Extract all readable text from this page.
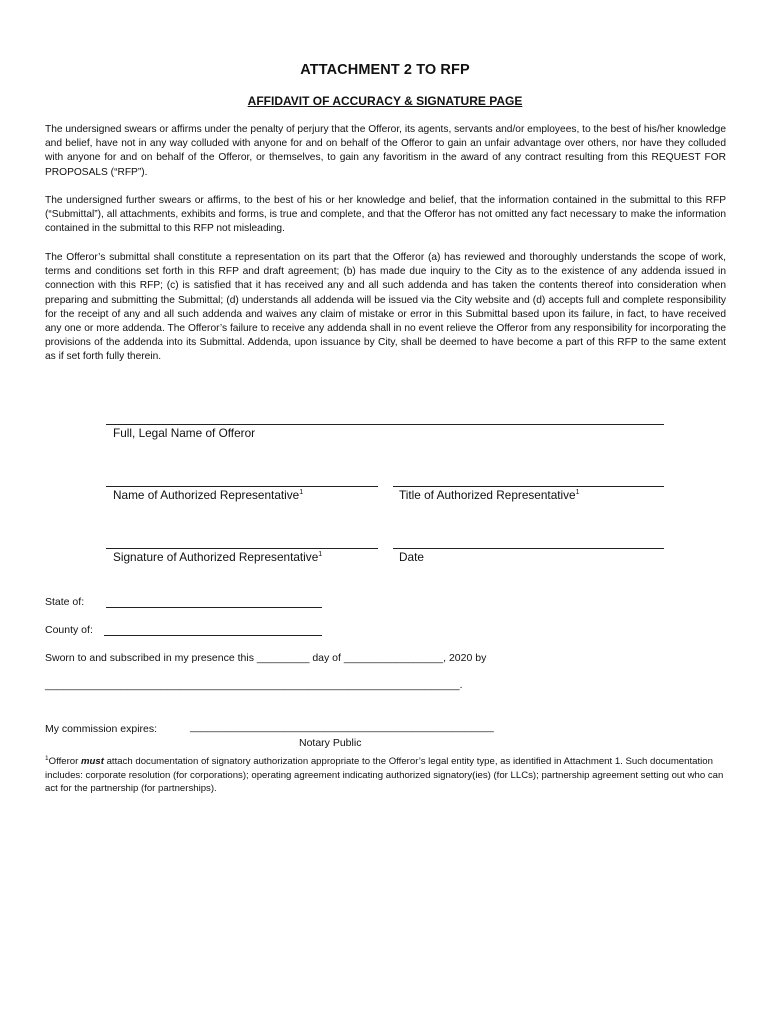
ATTACHMENT 2 TO RFP
AFFIDAVIT OF ACCURACY & SIGNATURE PAGE

The undersigned swears or affirms under the penalty of perjury that the Offeror, its agents, servants and/or employees, to the best of his/her knowledge and belief, have not in any way colluded with anyone for and on behalf of the Offeror to gain an unfair advantage over others, nor have they colluded with anyone for and on behalf of the Offeror, or themselves, to gain any favoritism in the award of any contract resulting from this REQUEST FOR PROPOSALS (“RFP”).

The undersigned further swears or affirms, to the best of his or her knowledge and belief, that the information contained in the submittal to this RFP (“Submittal”), all attachments, exhibits and forms, is true and complete, and that the Offeror has not omitted any fact necessary to make the information contained in the submittal to this RFP not misleading.

The Offeror’s submittal shall constitute a representation on its part that the Offeror (a) has reviewed and thoroughly understands the scope of work, terms and conditions set forth in this RFP and draft agreement; (b) has made due inquiry to the City as to the existence of any addenda issued in connection with this RFP; (c) is satisfied that it has received any and all such addenda and has taken the contents thereof into consideration when preparing and submitting the Submittal; (d) understands all addenda will be issued via the City website and (d) accepts full and complete responsibility for the receipt of any and all such addenda and waives any claim of mistake or error in this Submittal based upon its failure, in fact, to have received any one or more addenda. The Offeror’s failure to receive any addenda shall in no event relieve the Offeror from any responsibility for incorporating the provisions of the addenda into its Submittal. Addenda, upon issuance by City, shall be deemed to have become a part of this RFP to the same extent as if set forth fully therein.

Full, Legal Name of Offeror
Name of Authorized Representative$^1$	Title of Authorized Representative$^1$
Signature of Authorized Representative$^1$	Date
State of:
County of:
Sworn to and subscribed in my presence this _________ day of _________________, 2020 by
_______________________________________________________________________.
My commission expires:	____________________________________________________
Notary Public

$^1$Offeror must attach documentation of signatory authorization appropriate to the Offeror’s legal entity type, as identified in Attachment 1. Such documentation includes: corporate resolution (for corporations); operating agreement indicating authorized signatory(ies) (for LLCs); partnership agreement setting out who can act for the partnership (for partnerships).
